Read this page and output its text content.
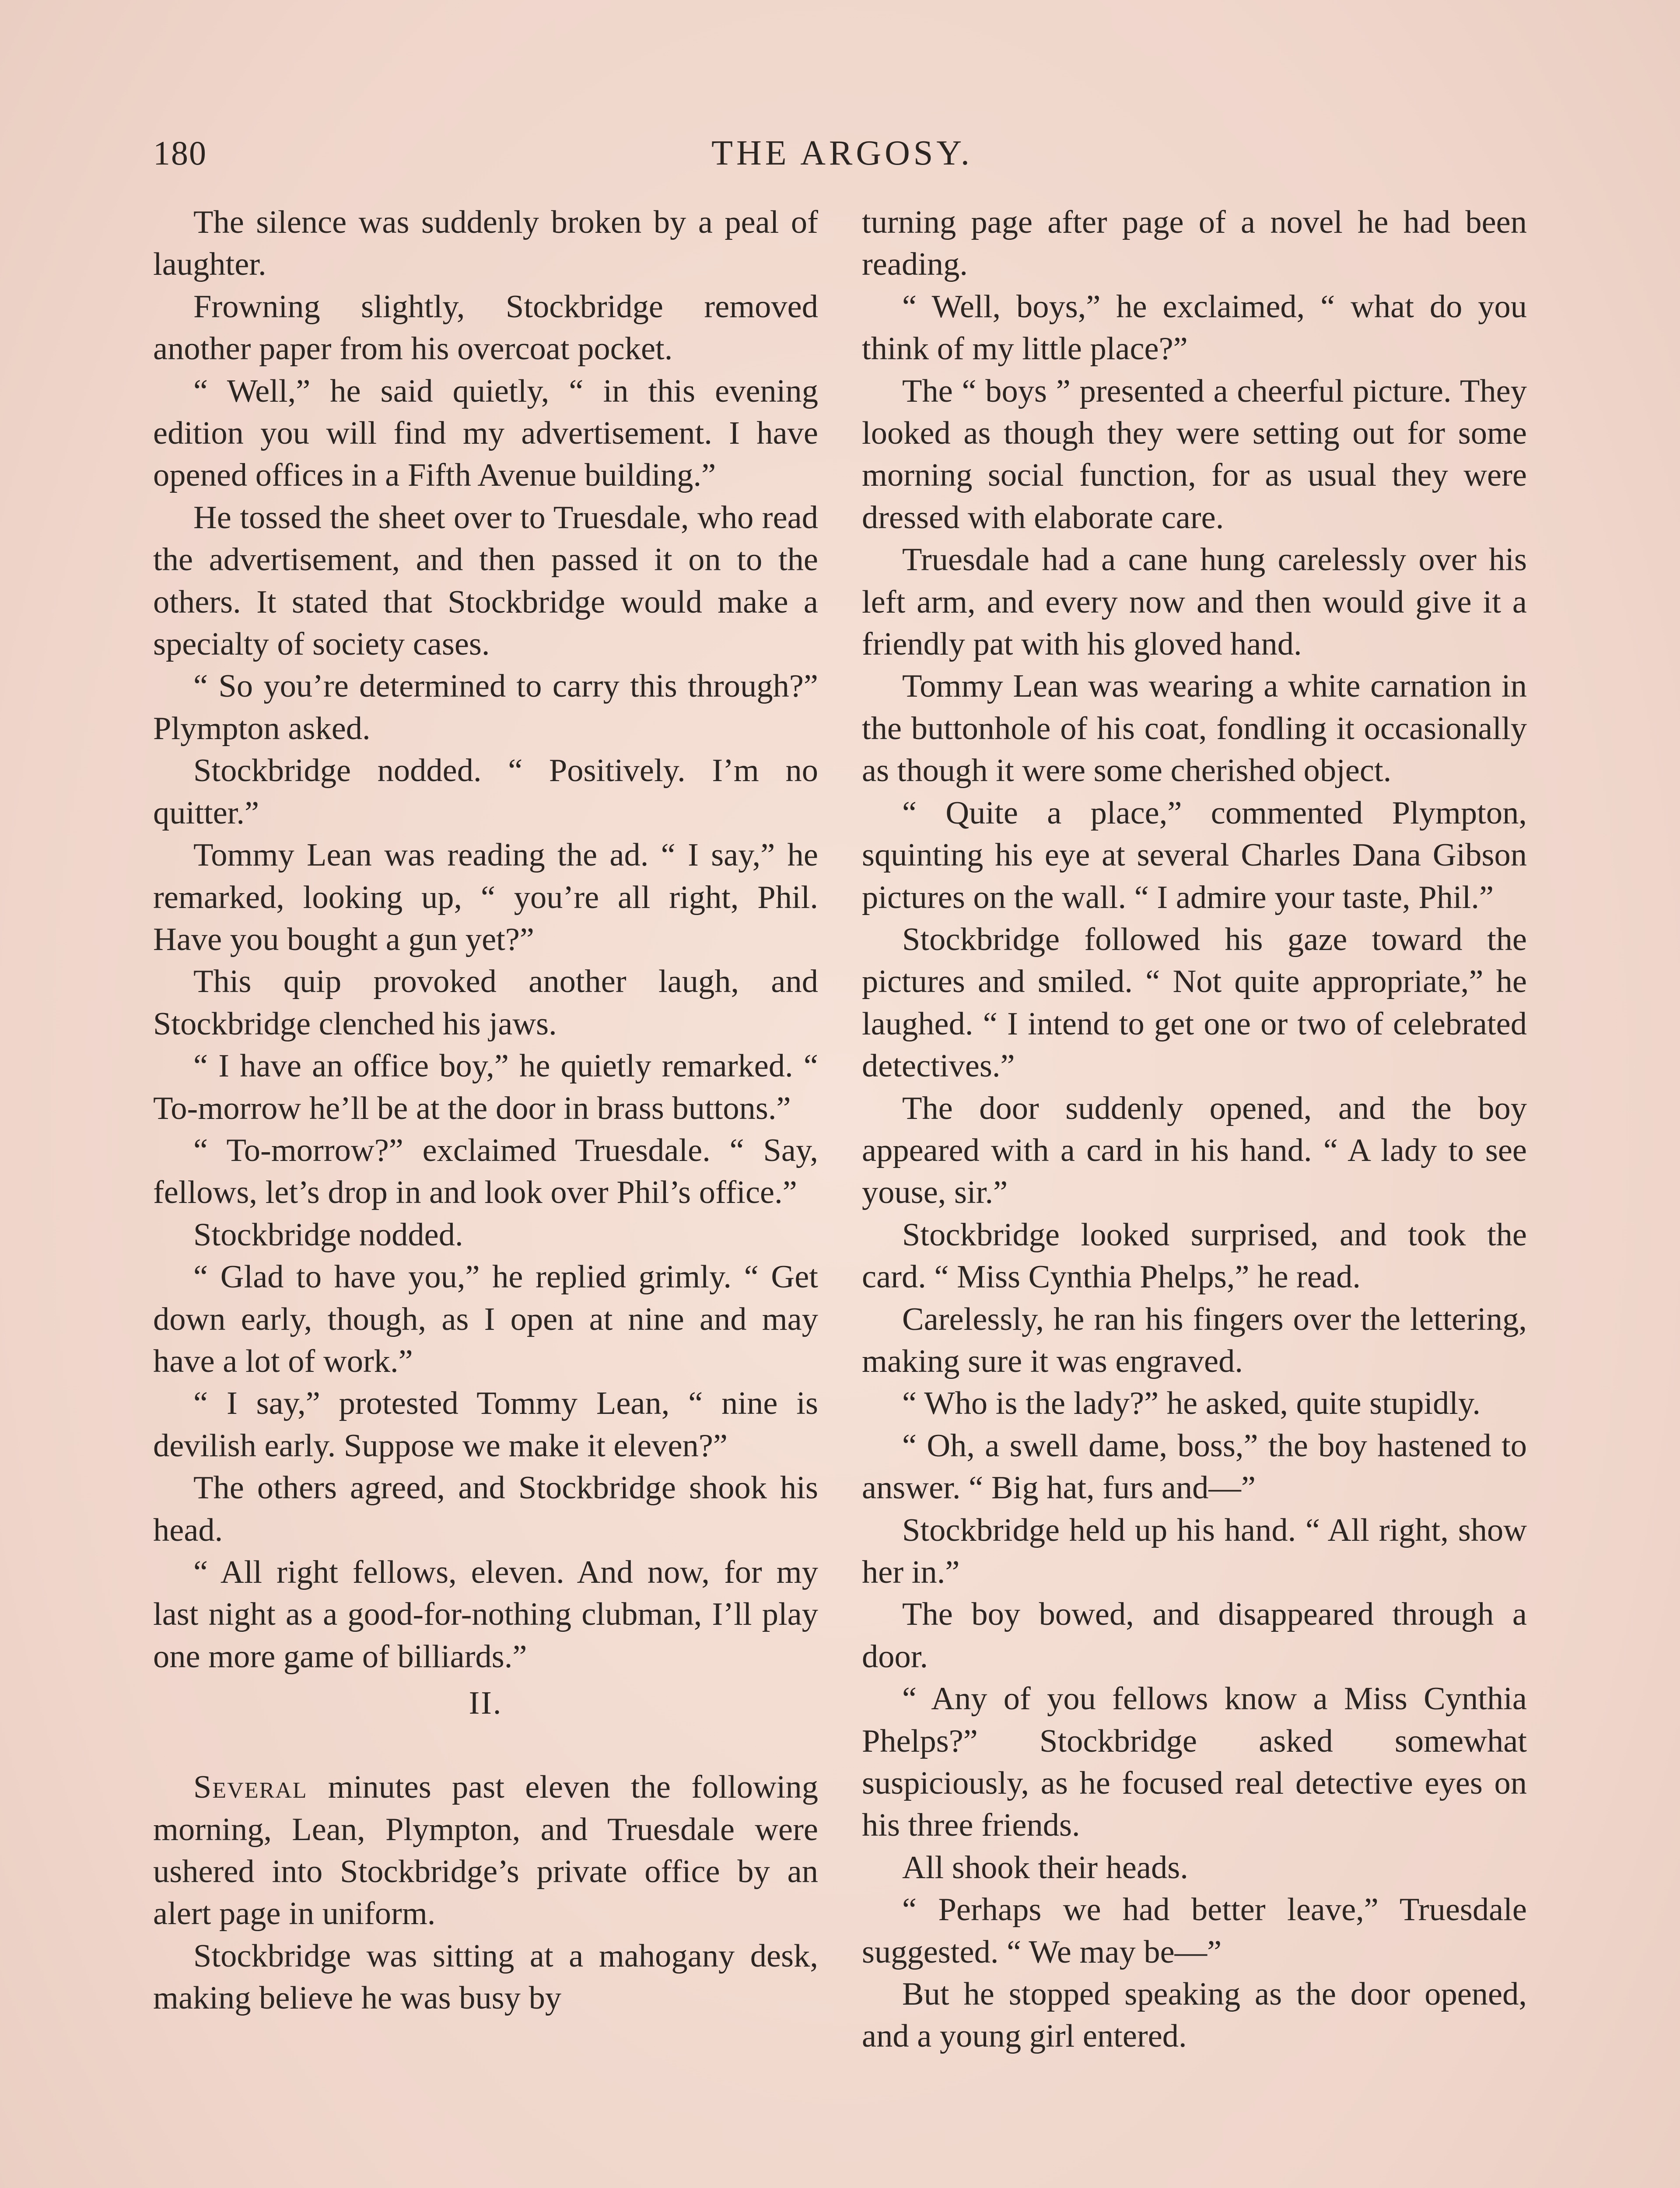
180	THE ARGOSY.

The silence was suddenly broken by a peal of laughter.

Frowning slightly, Stockbridge removed another paper from his overcoat pocket.

“ Well,” he said quietly, “ in this evening edition you will find my advertisement. I have opened offices in a Fifth Avenue building.”

He tossed the sheet over to Truesdale, who read the advertisement, and then passed it on to the others. It stated that Stockbridge would make a specialty of society cases.

“ So you’re determined to carry this through?” Plympton asked.

Stockbridge nodded. “ Positively. I’m no quitter.”

Tommy Lean was reading the ad. “ I say,” he remarked, looking up, “ you’re all right, Phil. Have you bought a gun yet?”

This quip provoked another laugh, and Stockbridge clenched his jaws.

“ I have an office boy,” he quietly remarked. “ To-morrow he’ll be at the door in brass buttons.”

“ To-morrow?” exclaimed Truesdale. “ Say, fellows, let’s drop in and look over Phil’s office.”

Stockbridge nodded.

“ Glad to have you,” he replied grimly. “ Get down early, though, as I open at nine and may have a lot of work.”

“ I say,” protested Tommy Lean, “ nine is devilish early. Suppose we make it eleven?”

The others agreed, and Stockbridge shook his head.

“ All right fellows, eleven. And now, for my last night as a good-for-nothing clubman, I’ll play one more game of billiards.”

II.

Several minutes past eleven the following morning, Lean, Plympton, and Truesdale were ushered into Stockbridge’s private office by an alert page in uniform.

Stockbridge was sitting at a mahogany desk, making believe he was busy by

turning page after page of a novel he had been reading.

“ Well, boys,” he exclaimed, “ what do you think of my little place?”

The “ boys ” presented a cheerful picture. They looked as though they were setting out for some morning social function, for as usual they were dressed with elaborate care.

Truesdale had a cane hung carelessly over his left arm, and every now and then would give it a friendly pat with his gloved hand.

Tommy Lean was wearing a white carnation in the buttonhole of his coat, fondling it occasionally as though it were some cherished object.

“ Quite a place,” commented Plympton, squinting his eye at several Charles Dana Gibson pictures on the wall. “ I admire your taste, Phil.”

Stockbridge followed his gaze toward the pictures and smiled. “ Not quite appropriate,” he laughed. “ I intend to get one or two of celebrated detectives.”

The door suddenly opened, and the boy appeared with a card in his hand. “ A lady to see youse, sir.”

Stockbridge looked surprised, and took the card. “ Miss Cynthia Phelps,” he read.

Carelessly, he ran his fingers over the lettering, making sure it was engraved.

“ Who is the lady?” he asked, quite stupidly.

“ Oh, a swell dame, boss,” the boy hastened to answer. “ Big hat, furs and—”

Stockbridge held up his hand. “ All right, show her in.”

The boy bowed, and disappeared through a door.

“ Any of you fellows know a Miss Cynthia Phelps?” Stockbridge asked somewhat suspiciously, as he focused real detective eyes on his three friends.

All shook their heads.

“ Perhaps we had better leave,” Truesdale suggested. “ We may be—”

But he stopped speaking as the door opened, and a young girl entered.
